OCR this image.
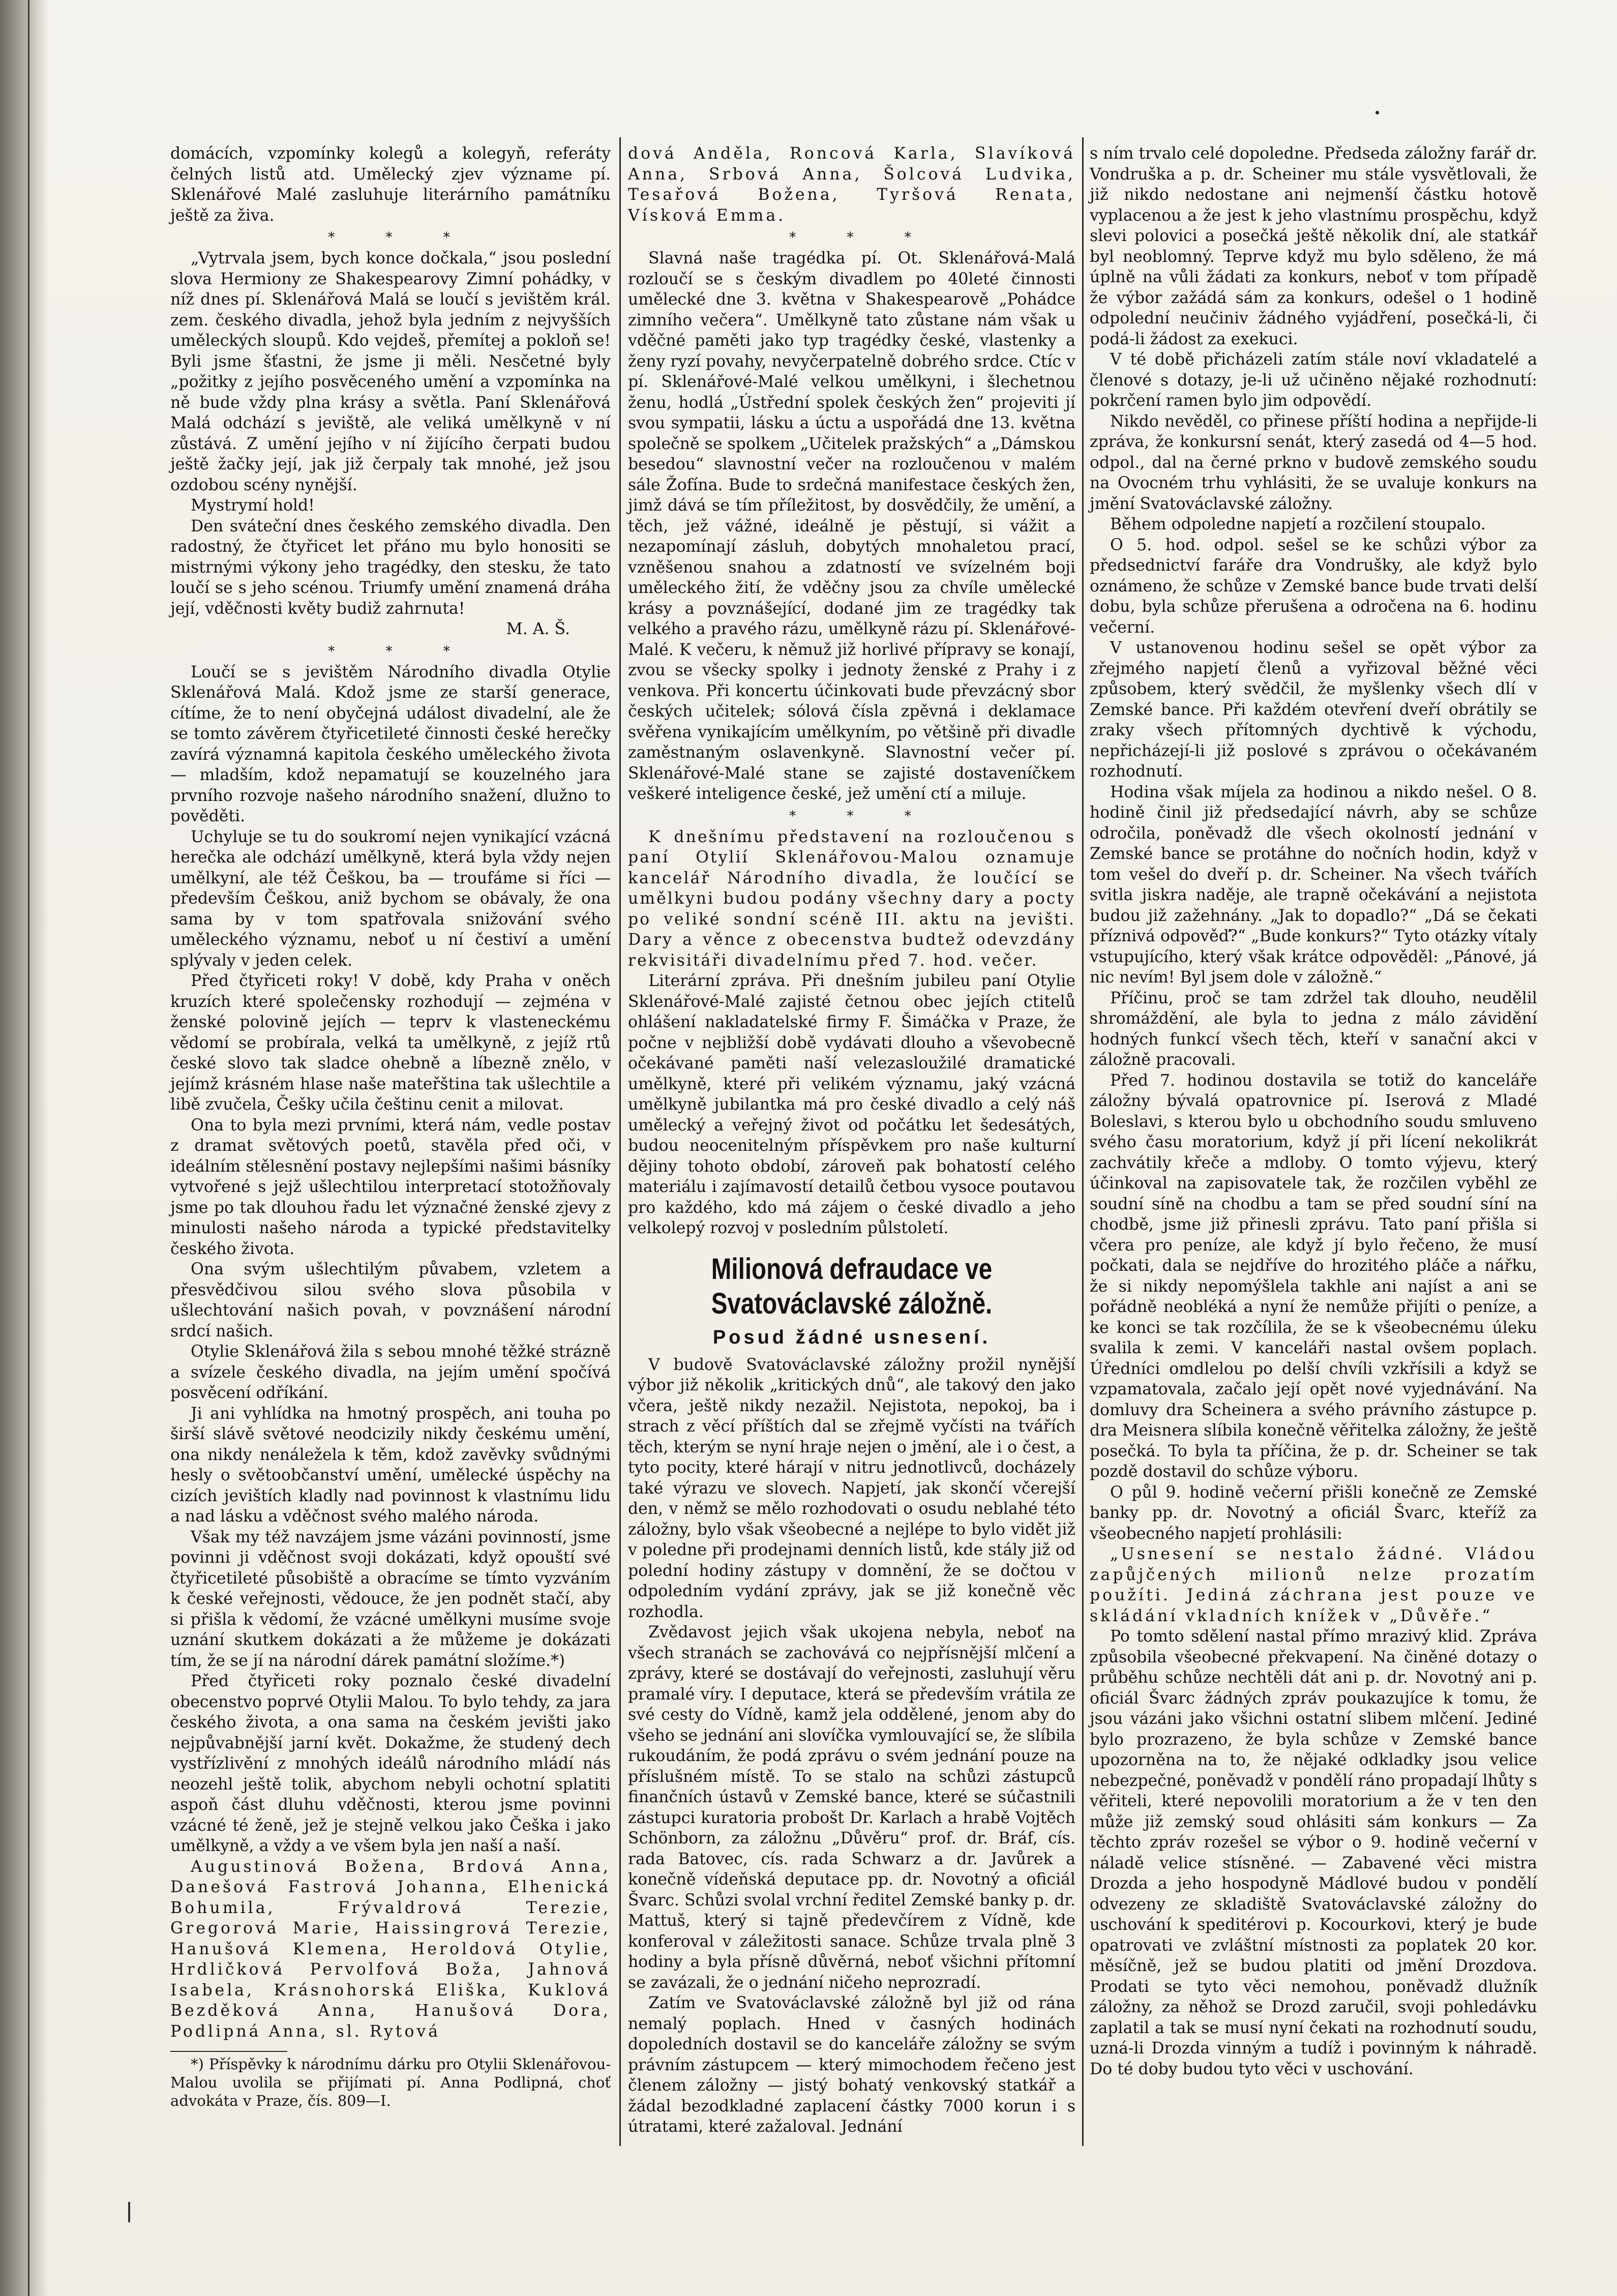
domácích, vzpomínky kolegů a kolegyň, referáty čelných listů atd. Umělecký zjev význame pí. Sklenářové Malé zasluhuje literárního památníku ještě za živa.

* * *

„Vytrvala jsem, bych konce dočkala,“ jsou poslední slova Hermiony ze Shakespearovy Zimní pohádky, v níž dnes pí. Sklenářová Malá se loučí s jevištěm král. zem. českého divadla, jehož byla jedním z nejvyšších uměleckých sloupů. Kdo vejdeš, přemítej a pokloň se! Byli jsme šťastni, že jsme ji měli. Nesčetné byly „požitky z jejího posvěceného umění a vzpomínka na ně bude vždy plna krásy a světla. Paní Sklenářová Malá odchází s jeviště, ale veliká umělkyně v ní zůstává. Z umění jejího v ní žijícího čerpati budou ještě žačky její, jak již čerpaly tak mnohé, jež jsou ozdobou scény nynější.

Mystrymí hold!

Den sváteční dnes českého zemského divadla. Den radostný, že čtyřicet let přáno mu bylo honositi se mistrnými výkony jeho tragédky, den stesku, že tato loučí se s jeho scénou. Triumfy umění znamená dráha její, vděčnosti květy budiž zahrnuta!

M. A. Š.
* * *

Loučí se s jevištěm Národního divadla Otylie Sklenářová Malá. Kdož jsme ze starší generace, cítíme, že to není obyčejná událost divadelní, ale že se tomto závěrem čtyřicetileté činnosti české herečky zavírá významná kapitola českého uměleckého života — mladším, kdož nepamatují se kouzelného jara prvního rozvoje našeho národního snažení, dlužno to pověděti.

Uchyluje se tu do soukromí nejen vynikající vzácná herečka ale odchází umělkyně, která byla vždy nejen umělkyní, ale též Češkou, ba — troufáme si říci — především Češkou, aniž bychom se obávaly, že ona sama by v tom spatřovala snižování svého uměleckého významu, neboť u ní čestiví a umění splývaly v jeden celek.

Před čtyřiceti roky! V době, kdy Praha v oněch kruzích které společensky rozhodují — zejména v ženské polovině jejích — teprv k vlasteneckému vědomí se probírala, velká ta umělkyně, z jejíž rtů české slovo tak sladce ohebně a líbezně znělo, v jejímž krásném hlase naše mateřština tak ušlechtile a libě zvučela, Češky učila češtinu cenit a milovat.

Ona to byla mezi prvními, která nám, vedle postav z dramat světových poetů, stavěla před oči, v ideálním stělesnění postavy nejlepšími našimi básníky vytvořené s jejž ušlechtilou interpretací stotožňovaly jsme po tak dlouhou řadu let význačné ženské zjevy z minulosti našeho národa a typické představitelky českého života.

Ona svým ušlechtilým půvabem, vzletem a přesvědčivou silou svého slova působila v ušlechtování našich povah, v povznášení národní srdcí našich.

Otylie Sklenářová žila s sebou mnohé těžké strázně a svízele českého divadla, na jejím umění spočívá posvěcení odříkání.

Ji ani vyhlídka na hmotný prospěch, ani touha po širší slávě světové neodcizily nikdy českému umění, ona nikdy nenáležela k těm, kdož zavěvky svůdnými hesly o světoobčanství umění, umělecké úspěchy na cizích jevištích kladly nad povinnost k vlastnímu lidu a nad lásku a vděčnost svého malého národa.

Však my též navzájem jsme vázáni povinností, jsme povinni ji vděčnost svoji dokázati, když opouští své čtyřicetileté působiště a obracíme se tímto vyzváním k české veřejnosti, vědouce, že jen podnět stačí, aby si přišla k vědomí, že vzácné umělkyni musíme svoje uznání skutkem dokázati a že můžeme je dokázati tím, že se jí na národní dárek památní složíme.*)

Před čtyřiceti roky poznalo české divadelní obecenstvo poprvé Otylii Malou. To bylo tehdy, za jara českého života, a ona sama na českém jevišti jako nejpůvabnější jarní květ. Dokažme, že studený dech vystřízlivění z mnohých ideálů národního mládí nás neozehl ještě tolik, abychom nebyli ochotní splatiti aspoň část dluhu vděčnosti, kterou jsme povinni vzácné té ženě, jež je stejně velkou jako Češka i jako umělkyně, a vždy a ve všem byla jen naší a naší.

Augustinová Božena, Brdová Anna, Danešová Fastrová Johanna, Elhenická Bohumila, Frývaldrová Terezie, Gregorová Marie, Haissingrová Terezie, Hanušová Klemena, Heroldová Otylie, Hrdličková Pervolfová Boža, Jahnová Isabela, Krásnohorská Eliška, Kuklová Bezděková Anna, Hanušová Dora, Podlipná Anna, sl. Rytová

*) Příspěvky k národnímu dárku pro Otylii Sklenářovou-Malou uvolila se přijímati pí. Anna Podlipná, choť advokáta v Praze, čís. 809—I.

dová Anděla, Roncová Karla, Slavíková Anna, Srbová Anna, Šolcová Ludvika, Tesařová Božena, Tyršová Renata, Vísková Emma.

* * *

Slavná naše tragédka pí. Ot. Sklenářová-Malá rozloučí se s českým divadlem po 40leté činnosti umělecké dne 3. května v Shakespearově „Pohádce zimního večera“. Umělkyně tato zůstane nám však u vděčné paměti jako typ tragédky české, vlastenky a ženy ryzí povahy, nevyčerpatelně dobrého srdce. Ctíc v pí. Sklenářové-Malé velkou umělkyni, i šlechetnou ženu, hodlá „Ústřední spolek českých žen“ projeviti jí svou sympatii, lásku a úctu a uspořádá dne 13. května společně se spolkem „Učitelek pražských“ a „Dámskou besedou“ slavnostní večer na rozloučenou v malém sále Žofína. Bude to srdečná manifestace českých žen, jimž dává se tím příležitost, by dosvědčily, že umění, a těch, jež vážné, ideálně je pěstují, si vážit a nezapomínají zásluh, dobytých mnohaletou prací, vzněšenou snahou a zdatností ve svízelném boji uměleckého žití, že vděčny jsou za chvíle umělecké krásy a povznášející, dodané jim ze tragédky tak velkého a pravého rázu, umělkyně rázu pí. Sklenářové-Malé. K večeru, k němuž již horlivé přípravy se konají, zvou se všecky spolky i jednoty ženské z Prahy i z venkova. Při koncertu účinkovati bude převzácný sbor českých učitelek; sólová čísla zpěvná i deklamace svěřena vynikajícím umělkyním, po většině při divadle zaměstnaným oslavenkyně. Slavnostní večer pí. Sklenářové-Malé stane se zajisté dostaveníčkem veškeré inteligence české, jež umění ctí a miluje.

* * *

K dnešnímu představení na rozloučenou s paní Otylií Sklenářovou-Malou oznamuje kancelář Národního divadla, že loučící se umělkyni budou podány všechny dary a pocty po veliké sondní scéně III. aktu na jevišti. Dary a věnce z obecenstva budtež odevzdány rekvisitáři divadelnímu před 7. hod. večer.

Literární zpráva. Při dnešním jubileu paní Otylie Sklenářové-Malé zajisté četnou obec jejích ctitelů ohlášení nakladatelské firmy F. Šimáčka v Praze, že počne v nejbližší době vydávati dlouho a vševobecně očekávané paměti naší velezasloužilé dramatické umělkyně, které při velikém významu, jaký vzácná umělkyně jubilantka má pro české divadlo a celý náš umělecký a veřejný život od počátku let šedesátých, budou neocenitelným příspěvkem pro naše kulturní dějiny tohoto období, zároveň pak bohatostí celého materiálu i zajímavostí detailů četbou vysoce poutavou pro každého, kdo má zájem o české divadlo a jeho velkolepý rozvoj v posledním půlstoletí.

Milionová defraudace ve Svatováclavské záložně.
Posud žádné usnesení.

V budově Svatováclavské záložny prožil nynější výbor již několik „kritických dnů“, ale takový den jako včera, ještě nikdy nezažil. Nejistota, nepokoj, ba i strach z věcí příštích dal se zřejmě vyčísti na tvářích těch, kterým se nyní hraje nejen o jmění, ale i o čest, a tyto pocity, které hárají v nitru jednotlivců, docházely také výrazu ve slovech. Napjetí, jak skončí včerejší den, v němž se mělo rozhodovati o osudu neblahé této záložny, bylo však všeobecné a nejlépe to bylo vidět již v poledne při prodejnami denních listů, kde stály již od polední hodiny zástupy v domnění, že se dočtou v odpoledním vydání zprávy, jak se již konečně věc rozhodla.

Zvědavost jejich však ukojena nebyla, neboť na všech stranách se zachovává co nejpřísnější mlčení a zprávy, které se dostávají do veřejnosti, zasluhují věru pramalé víry. I deputace, která se především vrátila ze své cesty do Vídně, kamž jela oddělené, jenom aby do všeho se jednání ani slovíčka vymlouvající se, že slíbila rukoudáním, že podá zprávu o svém jednání pouze na příslušném místě. To se stalo na schůzi zástupců finančních ústavů v Zemské bance, které se súčastnili zástupci kuratoria probošt Dr. Karlach a hrabě Vojtěch Schönborn, za záložnu „Důvěru“ prof. dr. Bráf, cís. rada Batovec, cís. rada Schwarz a dr. Javůrek a konečně vídeňská deputace pp. dr. Novotný a oficiál Švarc. Schůzi svolal vrchní ředitel Zemské banky p. dr. Mattuš, který si tajně předevčírem z Vídně, kde konferoval v záležitosti sanace. Schůze trvala plně 3 hodiny a byla přísně důvěrná, neboť všichni přítomní se zavázali, že o jednání ničeho neprozradí.

Zatím ve Svatováclavské záložně byl již od rána nemalý poplach. Hned v časných hodinách dopoledních dostavil se do kanceláře záložny se svým právním zástupcem — který mimochodem řečeno jest členem záložny — jistý bohatý venkovský statkář a žádal bezodkladné zaplacení částky 7000 korun i s útratami, které zažaloval. Jednání

s ním trvalo celé dopoledne. Předseda záložny farář dr. Vondruška a p. dr. Scheiner mu stále vysvětlovali, že již nikdo nedostane ani nejmenší částku hotově vyplacenou a že jest k jeho vlastnímu prospěchu, když slevi polovici a posečká ještě několik dní, ale statkář byl neoblomný. Teprve když mu bylo sděleno, že má úplně na vůli žádati za konkurs, neboť v tom případě že výbor zažádá sám za konkurs, odešel o 1 hodině odpolední neučiniv žádného vyjádření, posečká-li, či podá-li žádost za exekuci.

V té době přicházeli zatím stále noví vkladatelé a členové s dotazy, je-li už učiněno nějaké rozhodnutí: pokrčení ramen bylo jim odpovědí.

Nikdo nevěděl, co přinese příští hodina a nepřijde-li zpráva, že konkursní senát, který zasedá od 4—5 hod. odpol., dal na černé prkno v budově zemského soudu na Ovocném trhu vyhlásiti, že se uvaluje konkurs na jmění Svatováclavské záložny.

Během odpoledne napjetí a rozčilení stoupalo.

O 5. hod. odpol. sešel se ke schůzi výbor za předsednictví faráře dra Vondrušky, ale když bylo oznámeno, že schůze v Zemské bance bude trvati delší dobu, byla schůze přerušena a odročena na 6. hodinu večerní.

V ustanovenou hodinu sešel se opět výbor za zřejmého napjetí členů a vyřizoval běžné věci způsobem, který svědčil, že myšlenky všech dlí v Zemské bance. Při každém otevření dveří obrátily se zraky všech přítomných dychtivě k východu, nepřicházejí-li již poslové s zprávou o očekávaném rozhodnutí.

Hodina však míjela za hodinou a nikdo nešel. O 8. hodině činil již předsedající návrh, aby se schůze odročila, poněvadž dle všech okolností jednání v Zemské bance se protáhne do nočních hodin, když v tom vešel do dveří p. dr. Scheiner. Na všech tvářích svitla jiskra naděje, ale trapně očekávání a nejistota budou již zažehnány. „Jak to dopadlo?“ „Dá se čekati příznivá odpověď?“ „Bude konkurs?“ Tyto otázky vítaly vstupujícího, který však krátce odpověděl: „Pánové, já nic nevím! Byl jsem dole v záložně.“

Příčinu, proč se tam zdržel tak dlouho, neudělil shromáždění, ale byla to jedna z málo závidění hodných funkcí všech těch, kteří v sanační akci v záložně pracovali.

Před 7. hodinou dostavila se totiž do kanceláře záložny bývalá opatrovnice pí. Iserová z Mladé Boleslavi, s kterou bylo u obchodního soudu smluveno svého času moratorium, když jí při lícení nekolikrát zachvátily křeče a mdloby. O tomto výjevu, který účinkoval na zapisovatele tak, že rozčilen vyběhl ze soudní síně na chodbu a tam se před soudní síní na chodbě, jsme již přinesli zprávu. Tato paní přišla si včera pro peníze, ale když jí bylo řečeno, že musí počkati, dala se nejdříve do hrozitého pláče a nářku, že si nikdy nepomýšlela takhle ani najíst a ani se pořádně neobléká a nyní že nemůže přijíti o peníze, a ke konci se tak rozčílila, že se k všeobecnému úleku svalila k zemi. V kanceláři nastal ovšem poplach. Úředníci omdlelou po delší chvíli vzkřísili a když se vzpamatovala, začalo její opět nové vyjednávání. Na domluvy dra Scheinera a svého právního zástupce p. dra Meisnera slíbila konečně věřitelka záložny, že ještě posečká. To byla ta příčina, že p. dr. Scheiner se tak pozdě dostavil do schůze výboru.

O půl 9. hodině večerní přišli konečně ze Zemské banky pp. dr. Novotný a oficiál Švarc, kteříž za všeobecného napjetí prohlásili:

„Usnesení se nestalo žádné. Vládou zapůjčených milionů nelze prozatím použíti. Jediná záchrana jest pouze ve skládání vkladních knížek v „Důvěře.“

Po tomto sdělení nastal přímo mrazivý klid. Zpráva způsobila všeobecné překvapení. Na činěné dotazy o průběhu schůze nechtěli dát ani p. dr. Novotný ani p. oficiál Švarc žádných zpráv poukazujíce k tomu, že jsou vázáni jako všichni ostatní slibem mlčení. Jediné bylo prozrazeno, že byla schůze v Zemské bance upozorněna na to, že nějaké odkladky jsou velice nebezpečné, poněvadž v pondělí ráno propadají lhůty s věřiteli, které nepovolili moratorium a že v ten den může již zemský soud ohlásiti sám konkurs — Za těchto zpráv rozešel se výbor o 9. hodině večerní v náladě velice stísněné. — Zabavené věci mistra Drozda a jeho hospodyně Mádlové budou v pondělí odvezeny ze skladiště Svatováclavské záložny do uschování k speditérovi p. Kocourkovi, který je bude opatrovati ve zvláštní místnosti za poplatek 20 kor. měsíčně, jež se budou platiti od jmění Drozdova. Prodati se tyto věci nemohou, poněvadž dlužník záložny, za něhož se Drozd zaručil, svoji pohledávku zaplatil a tak se musí nyní čekati na rozhodnutí soudu, uzná-li Drozda vinným a tudíž i povinným k náhradě. Do té doby budou tyto věci v uschování.
